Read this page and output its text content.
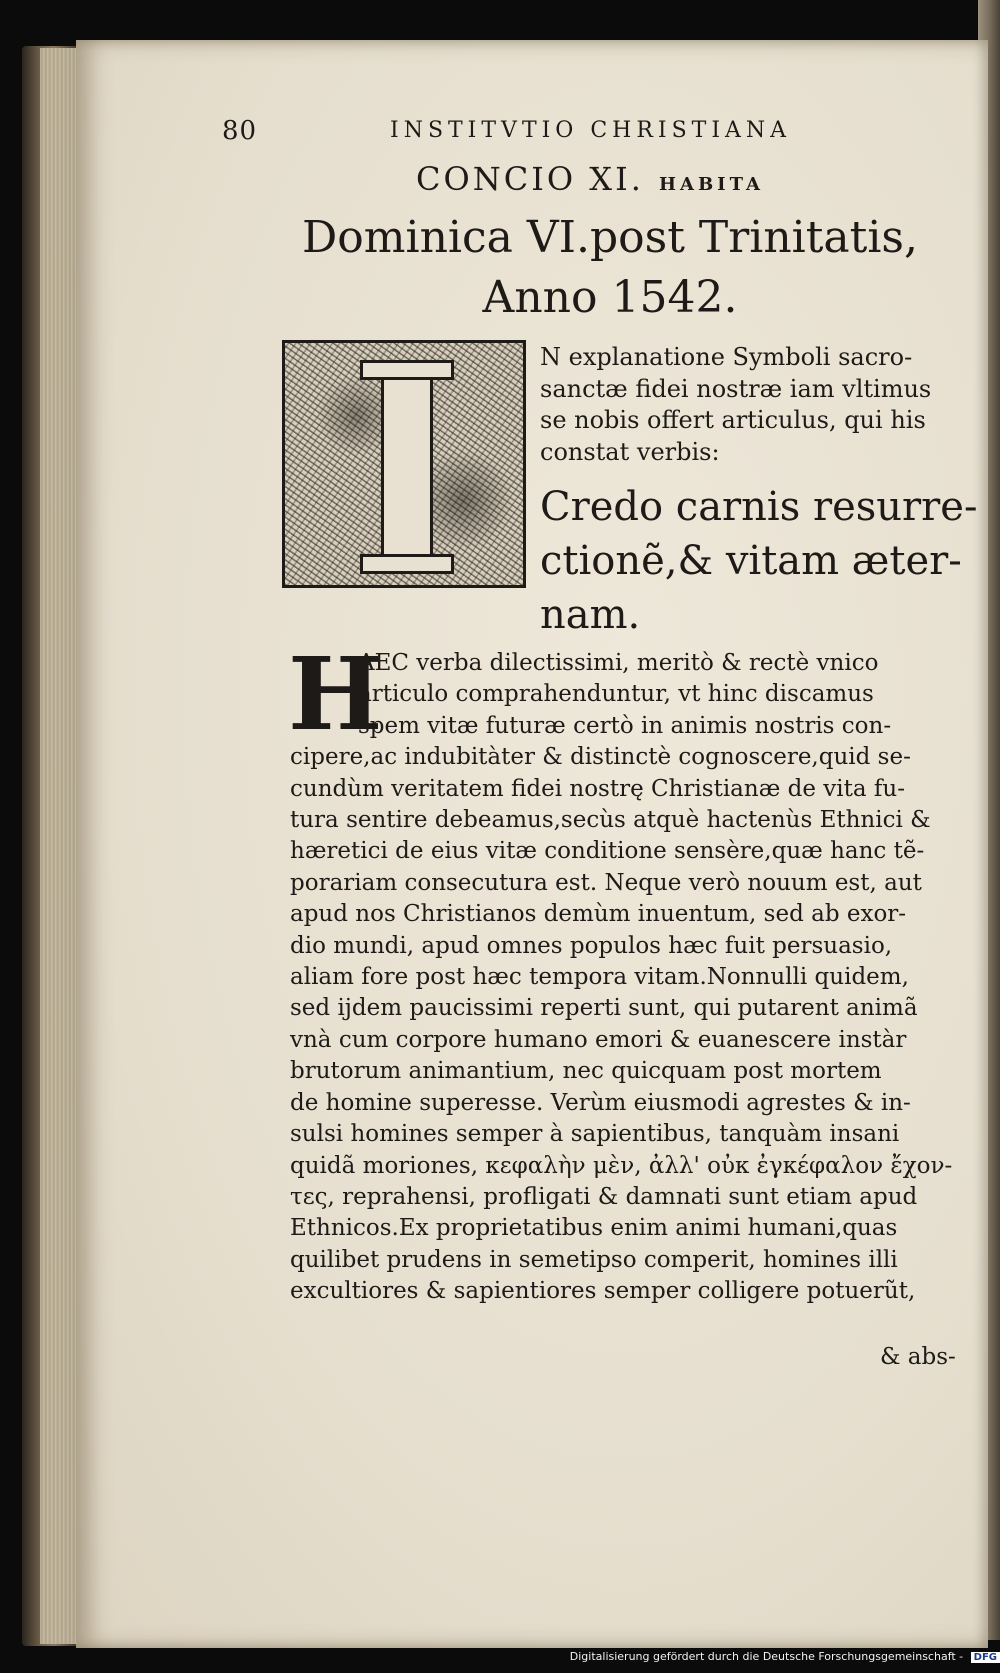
80	INSTITVTIO CHRISTIANA
CONCIO XI. HABITA
Dominica VI.post Trinitatis,
Anno 1542.
N explanatione Symboli sacro-
sanctæ fidei nostræ iam vltimus
se nobis offert articulus, qui his
constat verbis:
Credo carnis resurre-
ctionẽ,& vitam æter-
nam.
H
AEC verba dilectissimi, meritò & rectè vnico
articulo comprahenduntur, vt hinc discamus
spem vitæ futuræ certò in animis nostris con-
cipere,ac indubitàter & distinctè cognoscere,quid se-
cundùm veritatem fidei nostrę Christianæ de vita fu-
tura sentire debeamus,secùs atquè hactenùs Ethnici &
hæretici de eius vitæ conditione sensère,quæ hanc tẽ-
porariam consecutura est. Neque verò nouum est, aut
apud nos Christianos demùm inuentum, sed ab exor-
dio mundi, apud omnes populos hæc fuit persuasio,
aliam fore post hæc tempora vitam.Nonnulli quidem,
sed ijdem paucissimi reperti sunt, qui putarent animã
vnà cum corpore humano emori & euanescere instàr
brutorum animantium, nec quicquam post mortem
de homine superesse. Verùm eiusmodi agrestes & in-
sulsi homines semper à sapientibus, tanquàm insani
quidã moriones, κεφαλὴν μὲν, ἀλλ' οὐκ ἐγκέφαλον ἔχον-
τες, reprahensi, profligati & damnati sunt etiam apud
Ethnicos.Ex proprietatibus enim animi humani,quas
quilibet prudens in semetipso comperit, homines illi
excultiores & sapientiores semper colligere potuerũt,
& abs-
Digitalisierung gefördert durch die Deutsche Forschungsgemeinschaft - DFG
